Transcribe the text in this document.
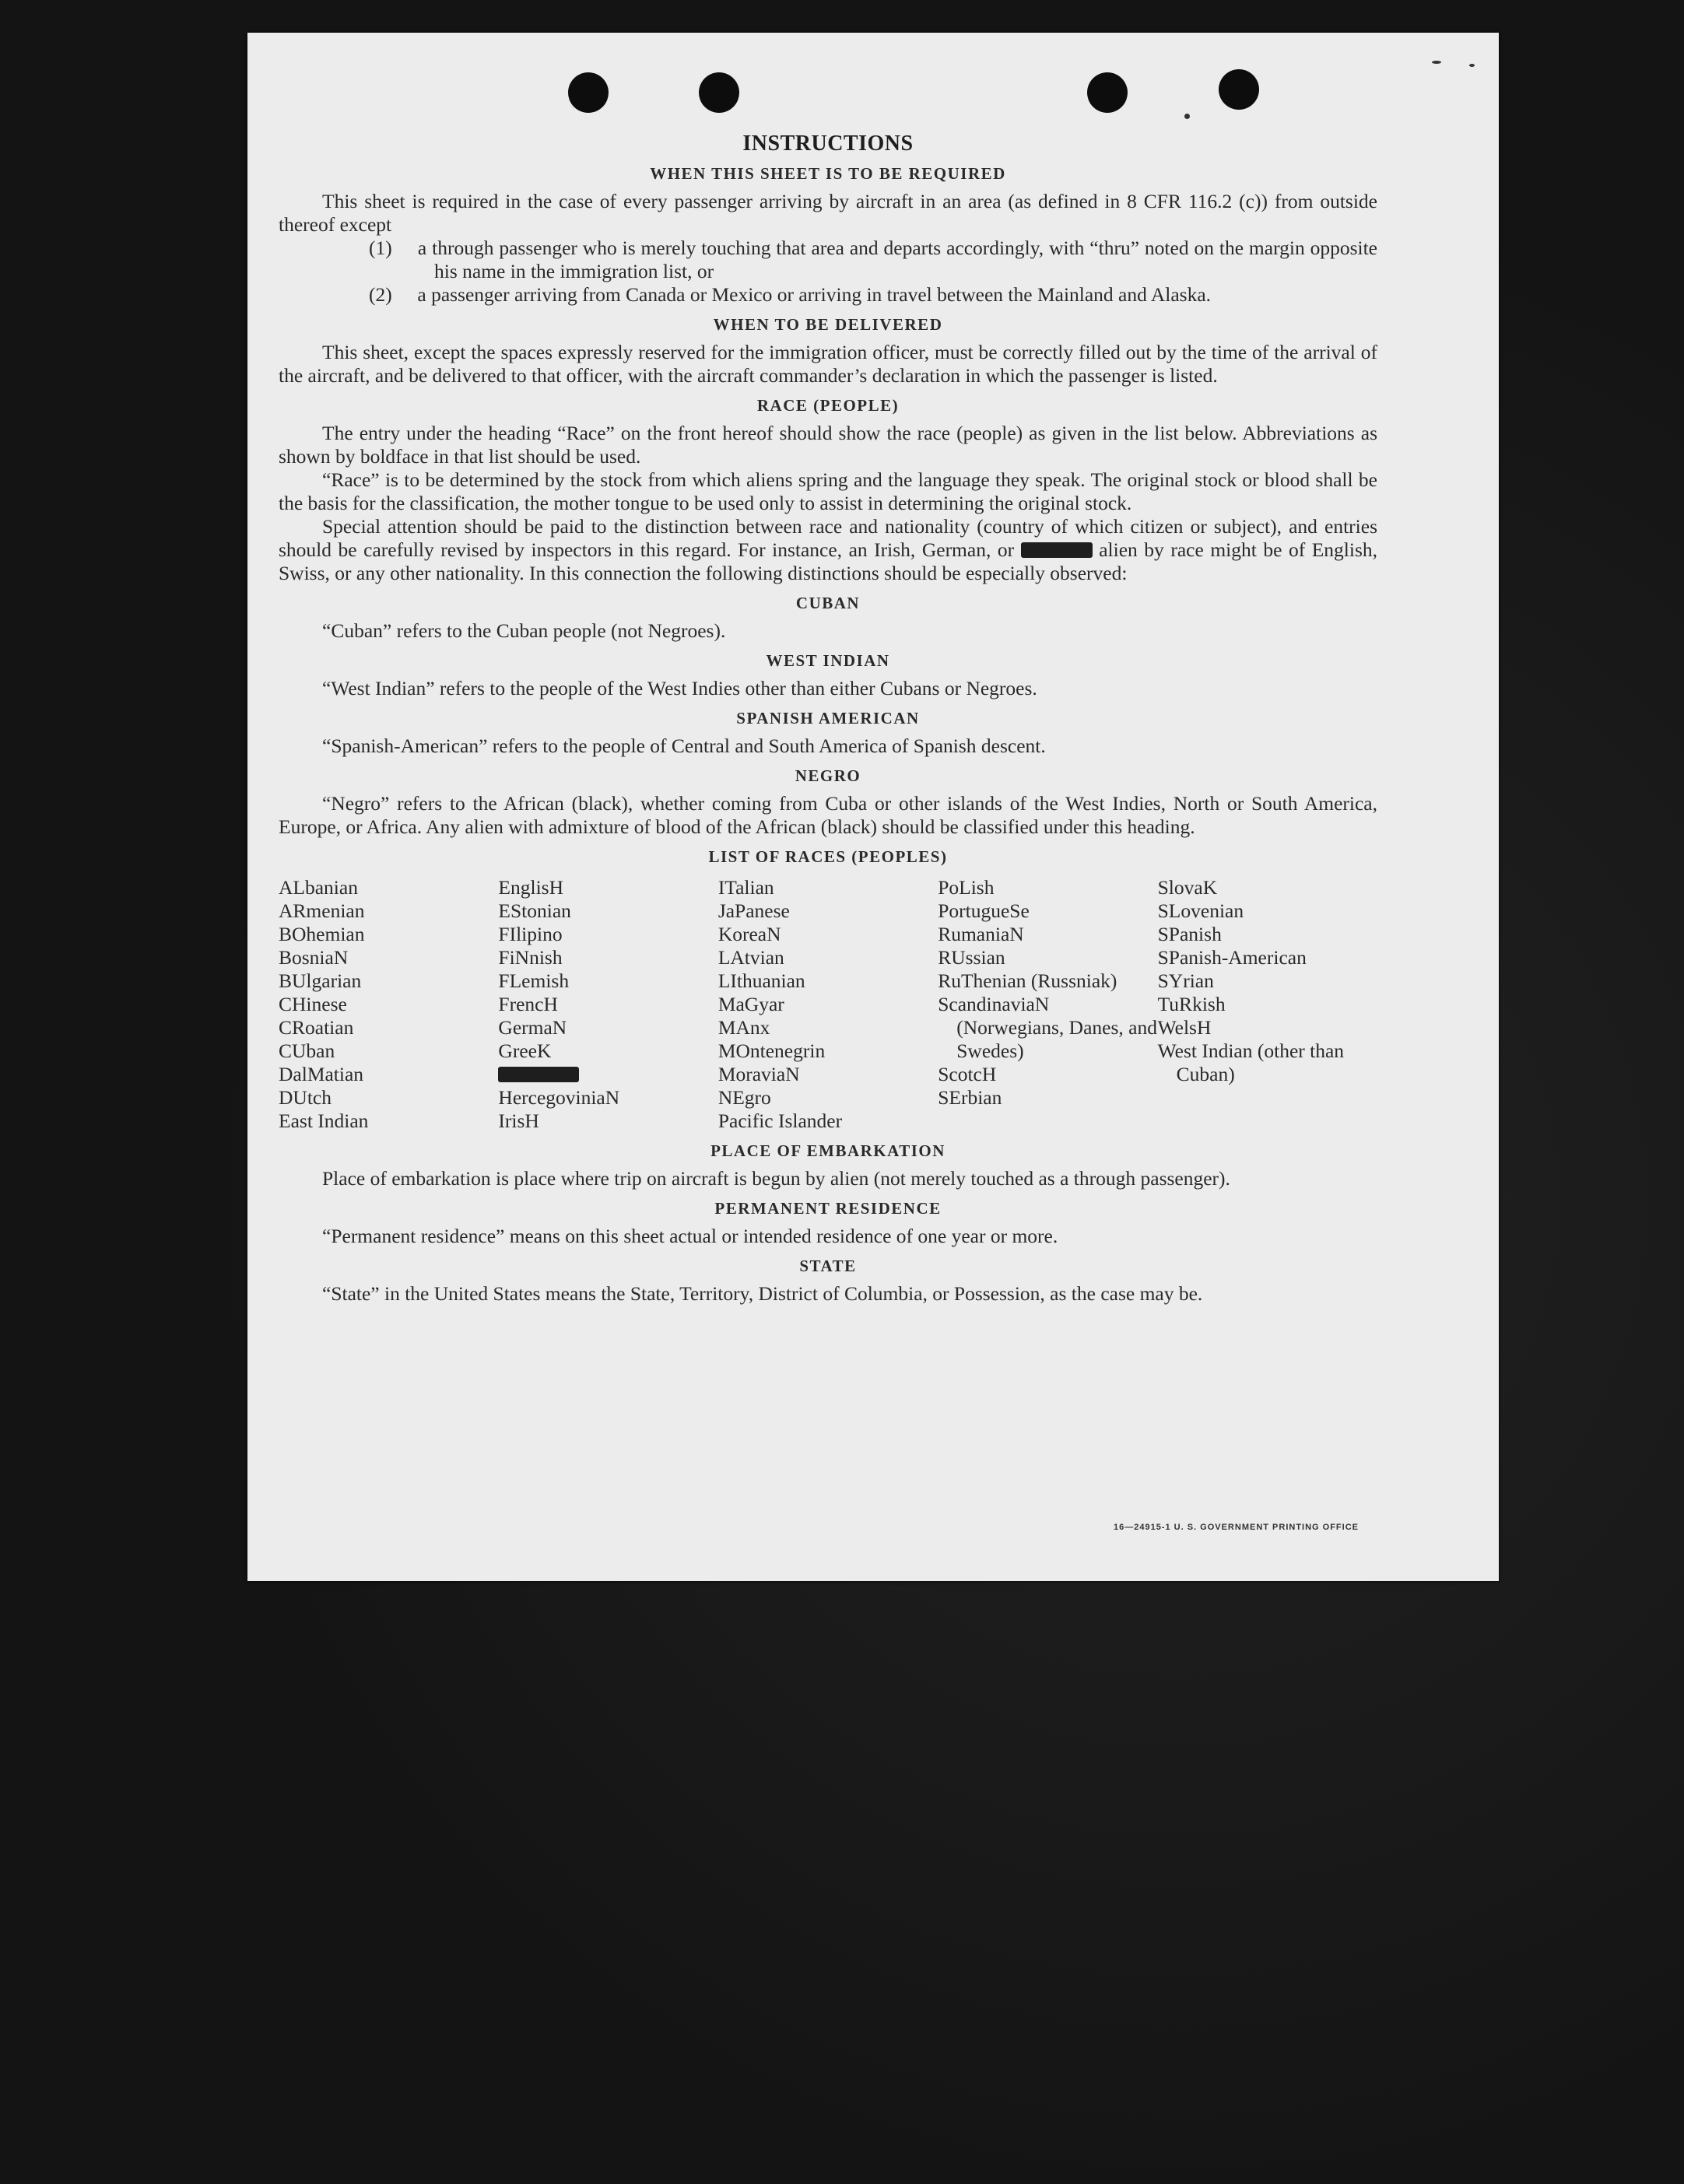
INSTRUCTIONS
WHEN THIS SHEET IS TO BE REQUIRED

This sheet is required in the case of every passenger arriving by aircraft in an area (as defined in 8 CFR 116.2 (c)) from outside thereof except

(1) a through passenger who is merely touching that area and departs accordingly, with “thru” noted on the margin opposite his name in the immigration list, or

(2) a passenger arriving from Canada or Mexico or arriving in travel between the Mainland and Alaska.

WHEN TO BE DELIVERED

This sheet, except the spaces expressly reserved for the immigration officer, must be correctly filled out by the time of the arrival of the aircraft, and be delivered to that officer, with the aircraft commander’s declaration in which the passenger is listed.

RACE (PEOPLE)

The entry under the heading “Race” on the front hereof should show the race (people) as given in the list below. Abbreviations as shown by boldface in that list should be used.

“Race” is to be determined by the stock from which aliens spring and the language they speak. The original stock or blood shall be the basis for the classification, the mother tongue to be used only to assist in determining the original stock.

Special attention should be paid to the distinction between race and nationality (country of which citizen or subject), and entries should be carefully revised by inspectors in this regard. For instance, an Irish, German, or	alien by race might be of English, Swiss, or any other nationality. In this connection the following distinctions should be especially observed:

CUBAN

“Cuban” refers to the Cuban people (not Negroes).

WEST INDIAN

“West Indian” refers to the people of the West Indies other than either Cubans or Negroes.

SPANISH AMERICAN

“Spanish-American” refers to the people of Central and South America of Spanish descent.

NEGRO

“Negro” refers to the African (black), whether coming from Cuba or other islands of the West Indies, North or South America, Europe, or Africa. Any alien with admixture of blood of the African (black) should be classified under this heading.

LIST OF RACES (PEOPLES)
ALbanian
ARmenian
BOhemian
BosniaN
BUlgarian
CHinese
CRoatian
CUban
DalMatian
DUtch
East Indian
EnglisH
EStonian
FIlipino
FiNnish
FLemish
FrencH
GermaN
GreeK
HercegoviniaN
IrisH
ITalian
JaPanese
KoreaN
LAtvian
LIthuanian
MaGyar
MAnx
MOntenegrin
MoraviaN
NEgro
Pacific Islander
PoLish
PortugueSe
RumaniaN
RUssian
RuThenian (Russniak)
ScandinaviaN (Norwegians, Danes, and Swedes)
ScotcH
SErbian
SlovaK
SLovenian
SPanish
SPanish-American
SYrian
TuRkish
WelsH
West Indian (other than Cuban)
PLACE OF EMBARKATION

Place of embarkation is place where trip on aircraft is begun by alien (not merely touched as a through passenger).

PERMANENT RESIDENCE

“Permanent residence” means on this sheet actual or intended residence of one year or more.

STATE

“State” in the United States means the State, Territory, District of Columbia, or Possession, as the case may be.

16—24915-1 U. S. GOVERNMENT PRINTING OFFICE
